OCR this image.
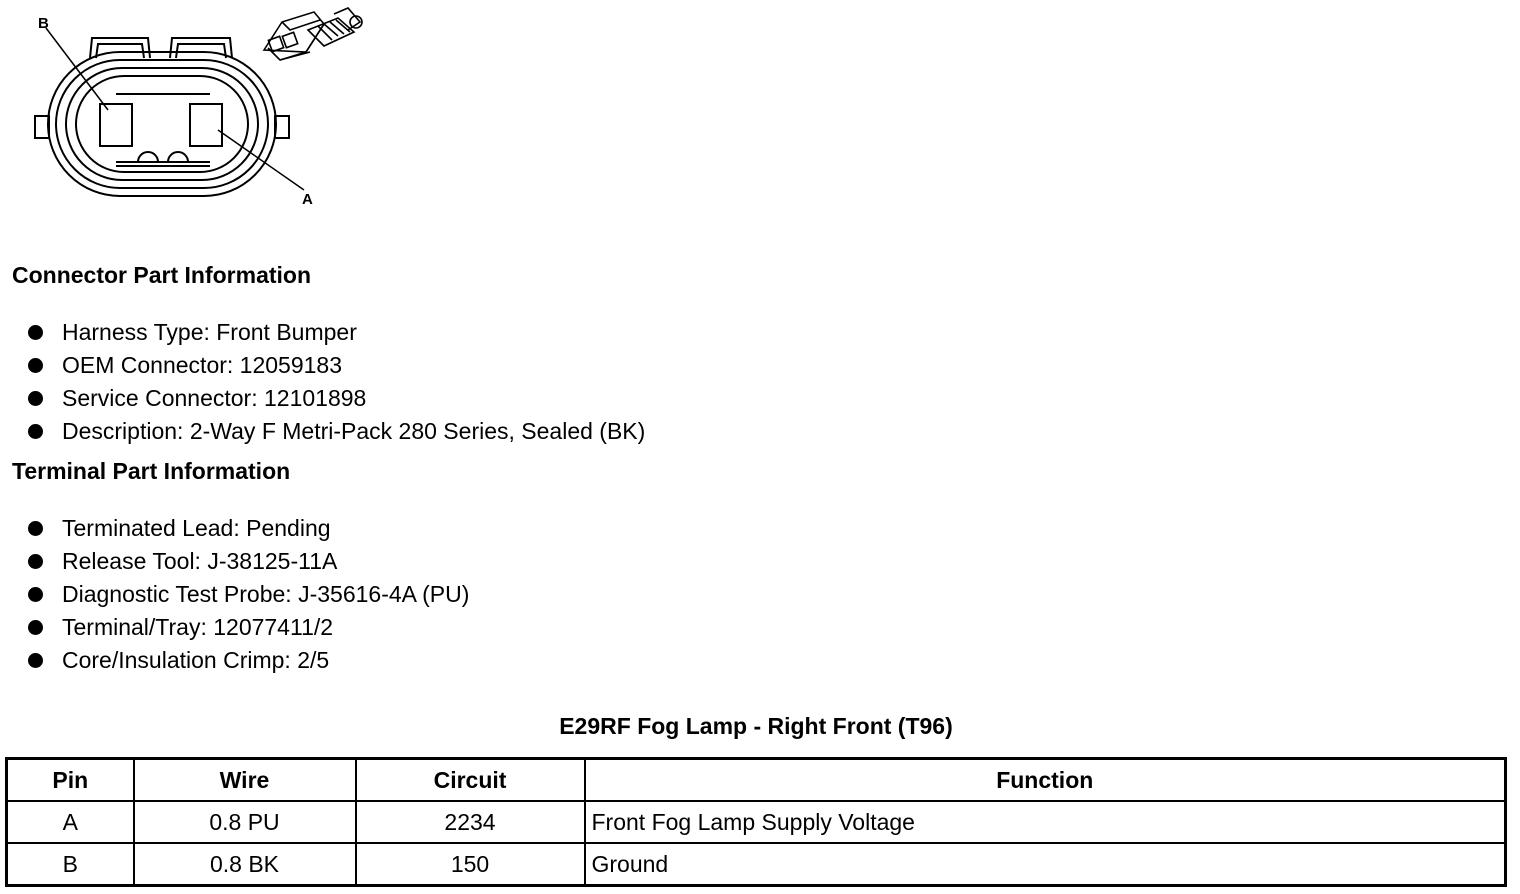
B
A
Connector Part Information
Harness Type: Front Bumper
OEM Connector: 12059183
Service Connector: 12101898
Description: 2-Way F Metri-Pack 280 Series, Sealed (BK)
Terminal Part Information
Terminated Lead: Pending
Release Tool: J-38125-11A
Diagnostic Test Probe: J-35616-4A (PU)
Terminal/Tray: 12077411/2
Core/Insulation Crimp: 2/5
E29RF Fog Lamp - Right Front (T96)
Pin	Wire	Circuit	Function
A	0.8 PU	2234	Front Fog Lamp Supply Voltage
B	0.8 BK	150	Ground
